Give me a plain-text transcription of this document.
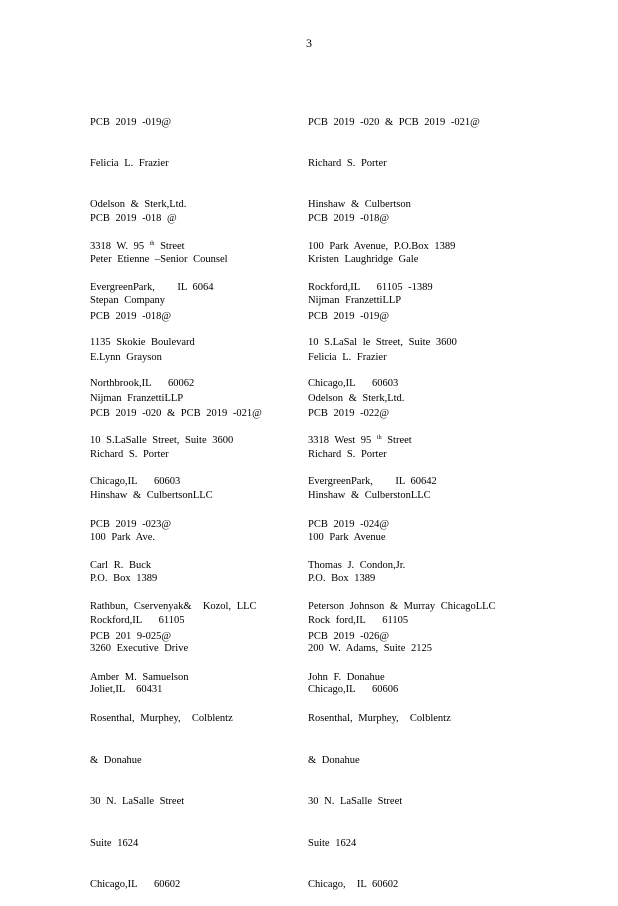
3

PCB 2019 -019@

Felicia L. Frazier

Odelson & Sterk,Ltd.

3318 W. 95 $^{th}$ Street

EvergreenPark,    IL 6064

PCB 2019 -020 & PCB 2019 -021@

Richard S. Porter

Hinshaw & Culbertson

100 Park Avenue, P.O.Box 1389

Rockford,IL   61105 -1389

PCB 2019 -018 @

Peter Etienne –Senior Counsel

Stepan Company

1135 Skokie Boulevard

Northbrook,IL   60062

PCB 2019 -018@

Kristen Laughridge Gale

Nijman FranzettiLLP

10 S.LaSal le Street, Suite 3600

Chicago,IL   60603

PCB 2019 -018@

E.Lynn Grayson

Nijman FranzettiLLP

10 S.LaSalle Street, Suite 3600

Chicago,IL   60603

PCB 2019 -019@

Felicia L. Frazier

Odelson & Sterk,Ltd.

3318 West 95 $^{th}$ Street

EvergreenPark,    IL 60642

PCB 2019 -020 & PCB 2019 -021@

Richard S. Porter

Hinshaw & CulbertsonLLC

100 Park Ave.

P.O. Box 1389

Rockford,IL   61105

PCB 2019 -022@

Richard S. Porter

Hinshaw & CulberstonLLC

100 Park Avenue

P.O. Box 1389

Rock ford,IL   61105

PCB 2019 -023@

Carl R. Buck

Rathbun, Cservenyak&  Kozol, LLC

3260 Executive Drive

Joliet,IL  60431

PCB 2019 -024@

Thomas J. Condon,Jr.

Peterson Johnson & Murray ChicagoLLC

200 W. Adams, Suite 2125

Chicago,IL   60606

PCB 201 9-025@

Amber M. Samuelson

Rosenthal, Murphey,  Colblentz

& Donahue

30 N. LaSalle Street

Suite 1624

Chicago,IL   60602

PCB 2019 -026@

John F. Donahue

Rosenthal, Murphey,  Colblentz

& Donahue

30 N. LaSalle Street

Suite 1624

Chicago,  IL 60602
